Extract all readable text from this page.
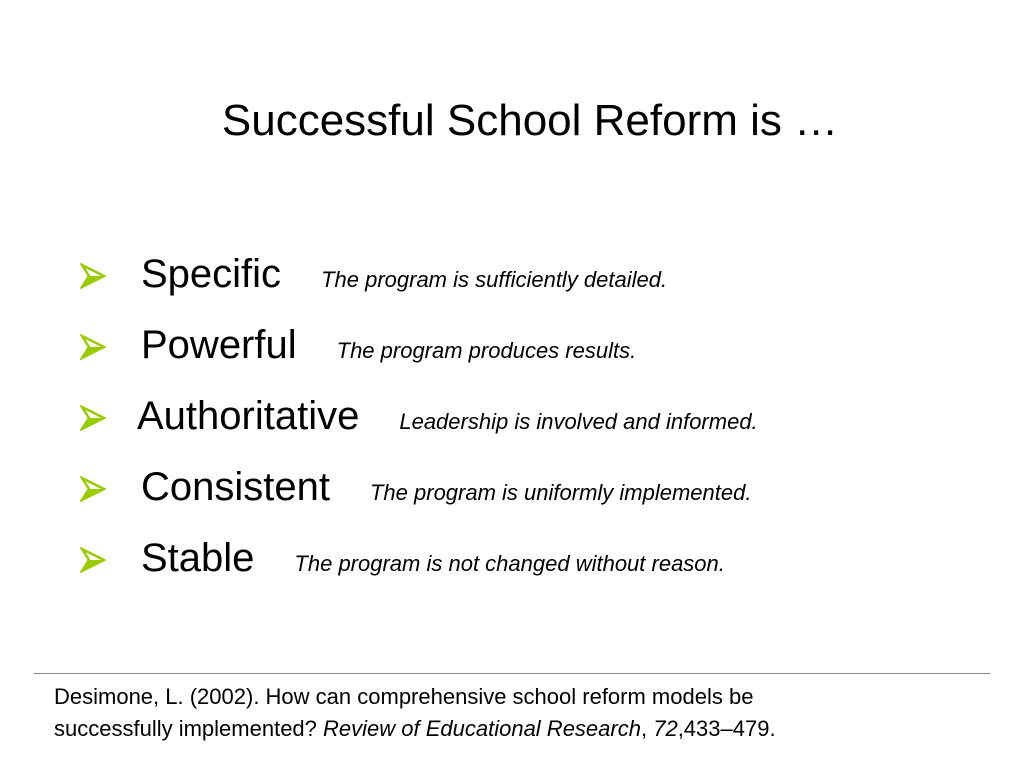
Successful School Reform is …
Specific The program is sufficiently detailed.
Powerful The program produces results.
Authoritative Leadership is involved and informed.
Consistent The program is uniformly implemented.
Stable The program is not changed without reason.
Desimone, L. (2002). How can comprehensive school reform models be
successfully implemented? Review of Educational Research, 72,433–479.
